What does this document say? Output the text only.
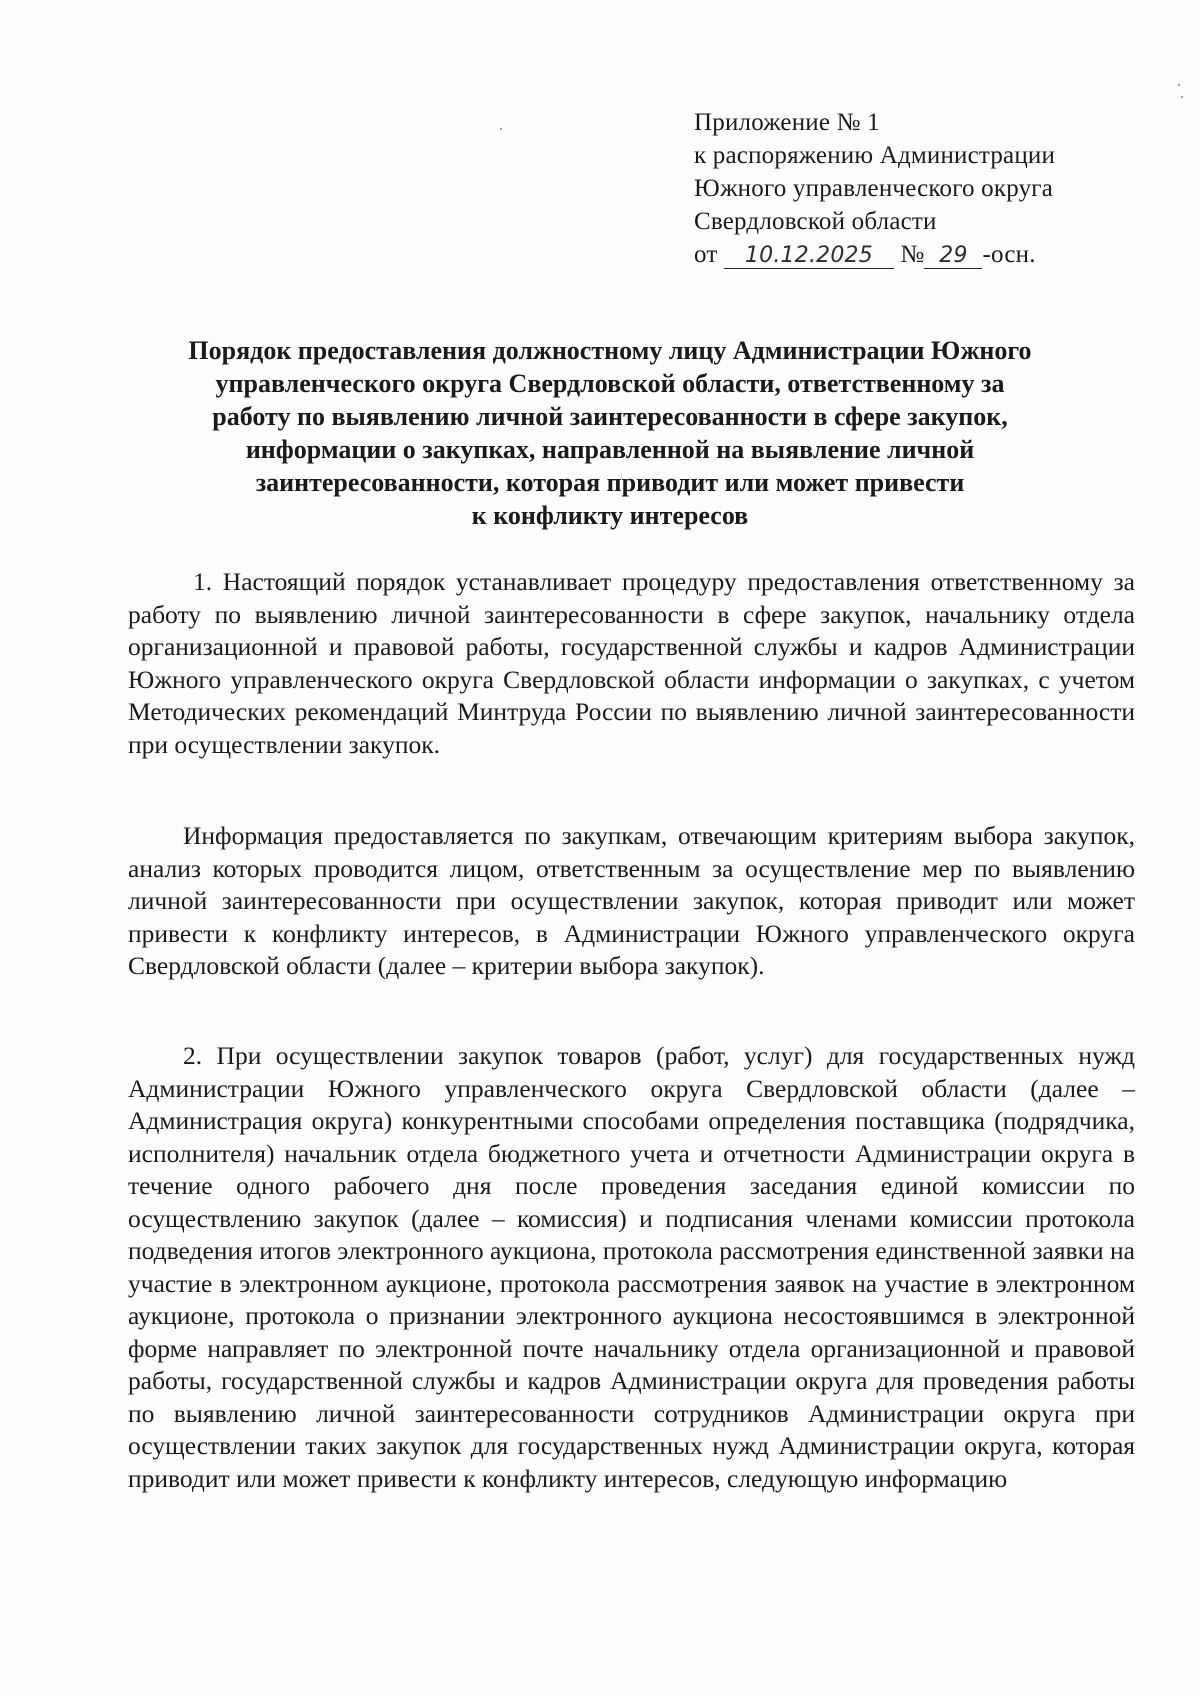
Приложение № 1
к распоряжению Администрации
Южного управленческого округа
Свердловской области
от 10.12.2025 № 29 -осн.
Порядок предоставления должностному лицу Администрации Южного
управленческого округа Свердловской области, ответственному за
работу по выявлению личной заинтересованности в сфере закупок,
информации о закупках, направленной на выявление личной
заинтересованности, которая приводит или может привести
к конфликту интересов

1. Настоящий порядок устанавливает процедуру предоставления ответственному за работу по выявлению личной заинтересованности в сфере закупок, начальнику отдела организационной и правовой работы, государственной службы и кадров Администрации Южного управленческого округа Свердловской области информации о закупках, с учетом Методических рекомендаций Минтруда России по выявлению личной заинтересованности при осуществлении закупок.

Информация предоставляется по закупкам, отвечающим критериям выбора закупок, анализ которых проводится лицом, ответственным за осуществление мер по выявлению личной заинтересованности при осуществлении закупок, которая приводит или может привести к конфликту интересов, в Администрации Южного управленческого округа Свердловской области (далее – критерии выбора закупок).

2. При осуществлении закупок товаров (работ, услуг) для государственных нужд Администрации Южного управленческого округа Свердловской области (далее – Администрация округа) конкурентными способами определения поставщика (подрядчика, исполнителя) начальник отдела бюджетного учета и отчетности Администрации округа в течение одного рабочего дня после проведения заседания единой комиссии по осуществлению закупок (далее – комиссия) и подписания членами комиссии протокола подведения итогов электронного аукциона, протокола рассмотрения единственной заявки на участие в электронном аукционе, протокола рассмотрения заявок на участие в электронном аукционе, протокола о признании электронного аукциона несостоявшимся в электронной форме направляет по электронной почте начальнику отдела организационной и правовой работы, государственной службы и кадров Администрации округа для проведения работы по выявлению личной заинтересованности сотрудников Администрации округа при осуществлении таких закупок для государственных нужд Администрации округа, которая приводит или может привести к конфликту интересов, следующую информацию
